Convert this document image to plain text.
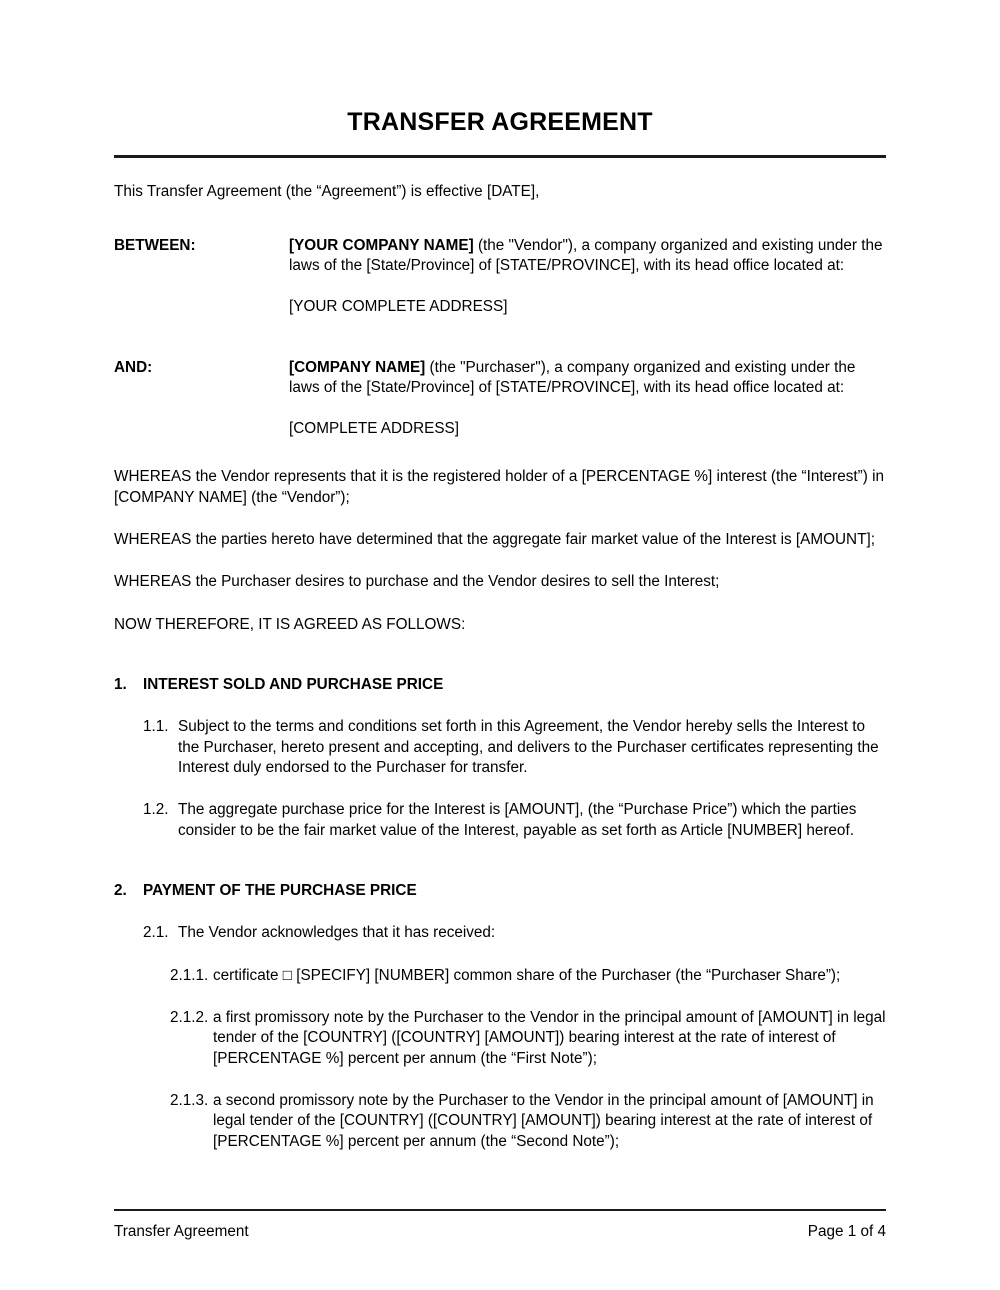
TRANSFER AGREEMENT

This Transfer Agreement (the “Agreement”) is effective [DATE],

BETWEEN:	[YOUR COMPANY NAME] (the "Vendor"), a company organized and existing under the laws of the [State/Province] of [STATE/PROVINCE], with its head office located at:

[YOUR COMPLETE ADDRESS]

AND:	[COMPANY NAME] (the "Purchaser"), a company organized and existing under the laws of the [State/Province] of [STATE/PROVINCE], with its head office located at:

[COMPLETE ADDRESS]

WHEREAS the Vendor represents that it is the registered holder of a [PERCENTAGE %] interest (the “Interest”) in [COMPANY NAME] (the “Vendor”);

WHEREAS the parties hereto have determined that the aggregate fair market value of the Interest is [AMOUNT];

WHEREAS the Purchaser desires to purchase and the Vendor desires to sell the Interest;

NOW THEREFORE, IT IS AGREED AS FOLLOWS:

1.	INTEREST SOLD AND PURCHASE PRICE
1.1. Subject to the terms and conditions set forth in this Agreement, the Vendor hereby sells the Interest to the Purchaser, hereto present and accepting, and delivers to the Purchaser certificates representing the Interest duly endorsed to the Purchaser for transfer.
1.2. The aggregate purchase price for the Interest is [AMOUNT], (the “Purchase Price”) which the parties consider to be the fair market value of the Interest, payable as set forth as Article [NUMBER] hereof.
2.	PAYMENT OF THE PURCHASE PRICE
2.1. The Vendor acknowledges that it has received:
2.1.1. certificate □ [SPECIFY] [NUMBER] common share of the Purchaser (the “Purchaser Share”);
2.1.2. a first promissory note by the Purchaser to the Vendor in the principal amount of [AMOUNT] in legal tender of the [COUNTRY] ([COUNTRY] [AMOUNT]) bearing interest at the rate of interest of [PERCENTAGE %] percent per annum (the “First Note”);
2.1.3. a second promissory note by the Purchaser to the Vendor in the principal amount of [AMOUNT] in legal tender of the [COUNTRY] ([COUNTRY] [AMOUNT]) bearing interest at the rate of interest of [PERCENTAGE %] percent per annum (the “Second Note”);
Transfer Agreement	Page 1 of 4
